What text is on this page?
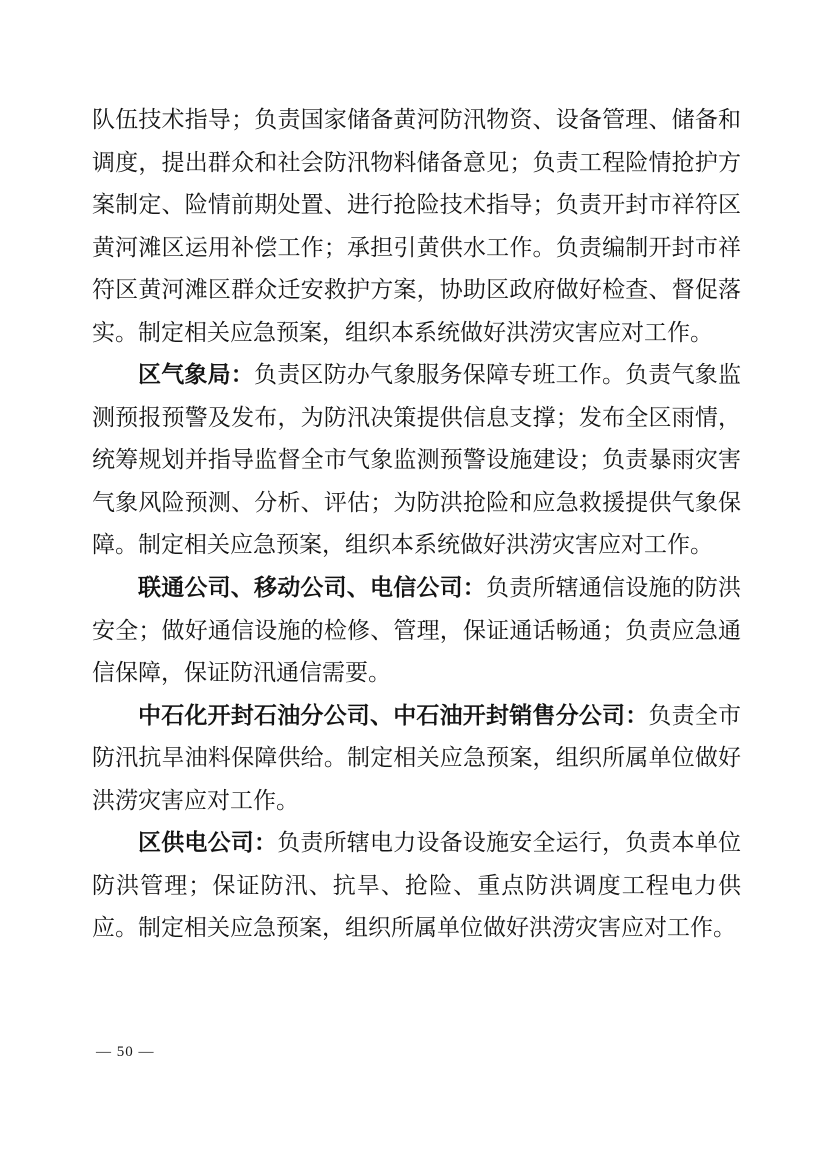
队伍技术指导；负责国家储备黄河防汛物资、设备管理、储备和调度，提出群众和社会防汛物料储备意见；负责工程险情抢护方案制定、险情前期处置、进行抢险技术指导；负责开封市祥符区黄河滩区运用补偿工作；承担引黄供水工作。负责编制开封市祥符区黄河滩区群众迁安救护方案，协助区政府做好检查、督促落实。制定相关应急预案，组织本系统做好洪涝灾害应对工作。

区气象局：负责区防办气象服务保障专班工作。负责气象监测预报预警及发布，为防汛决策提供信息支撑；发布全区雨情，统筹规划并指导监督全市气象监测预警设施建设；负责暴雨灾害气象风险预测、分析、评估；为防洪抢险和应急救援提供气象保障。制定相关应急预案，组织本系统做好洪涝灾害应对工作。

联通公司、移动公司、电信公司：负责所辖通信设施的防洪安全；做好通信设施的检修、管理，保证通话畅通；负责应急通信保障，保证防汛通信需要。

中石化开封石油分公司、中石油开封销售分公司：负责全市防汛抗旱油料保障供给。制定相关应急预案，组织所属单位做好洪涝灾害应对工作。

区供电公司：负责所辖电力设备设施安全运行，负责本单位防洪管理；保证防汛、抗旱、抢险、重点防洪调度工程电力供应。制定相关应急预案，组织所属单位做好洪涝灾害应对工作。

— 50 —
